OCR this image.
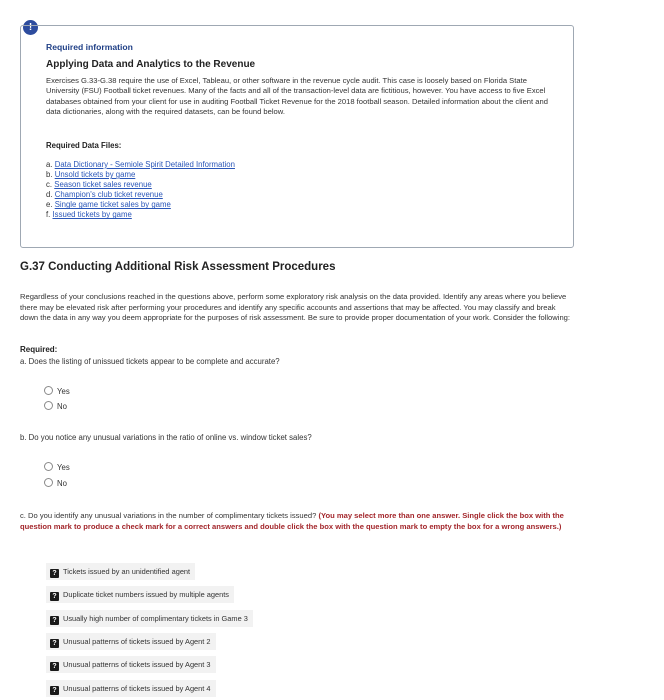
!
Required information
Applying Data and Analytics to the Revenue
Exercises G.33-G.38 require the use of Excel, Tableau, or other software in the revenue cycle audit. This case is loosely based on Florida State University (FSU) Football ticket revenues. Many of the facts and all of the transaction-level data are fictitious, however. You have access to five Excel databases obtained from your client for use in auditing Football Ticket Revenue for the 2018 football season. Detailed information about the client and data dictionaries, along with the required datasets, can be found below.
Required Data Files:
a. Data Dictionary - Semiole Spirit Detailed Information
b. Unsold tickets by game
c. Season ticket sales revenue
d. Champion's club ticket revenue
e. Single game ticket sales by game
f. Issued tickets by game
G.37 Conducting Additional Risk Assessment Procedures
Regardless of your conclusions reached in the questions above, perform some exploratory risk analysis on the data provided. Identify any areas where you believe there may be elevated risk after performing your procedures and identify any specific accounts and assertions that may be affected. You may classify and break down the data in any way you deem appropriate for the purposes of risk assessment. Be sure to provide proper documentation of your work. Consider the following:
Required:
a. Does the listing of unissued tickets appear to be complete and accurate?
Yes
No
b. Do you notice any unusual variations in the ratio of online vs. window ticket sales?
Yes
No
c. Do you identify any unusual variations in the number of complimentary tickets issued? (You may select more than one answer. Single click the box with the question mark to produce a check mark for a correct answers and double click the box with the question mark to empty the box for a wrong answers.)
? Tickets issued by an unidentified agent
? Duplicate ticket numbers issued by multiple agents
? Usually high number of complimentary tickets in Game 3
? Unusual patterns of tickets issued by Agent 2
? Unusual patterns of tickets issued by Agent 3
? Unusual patterns of tickets issued by Agent 4
